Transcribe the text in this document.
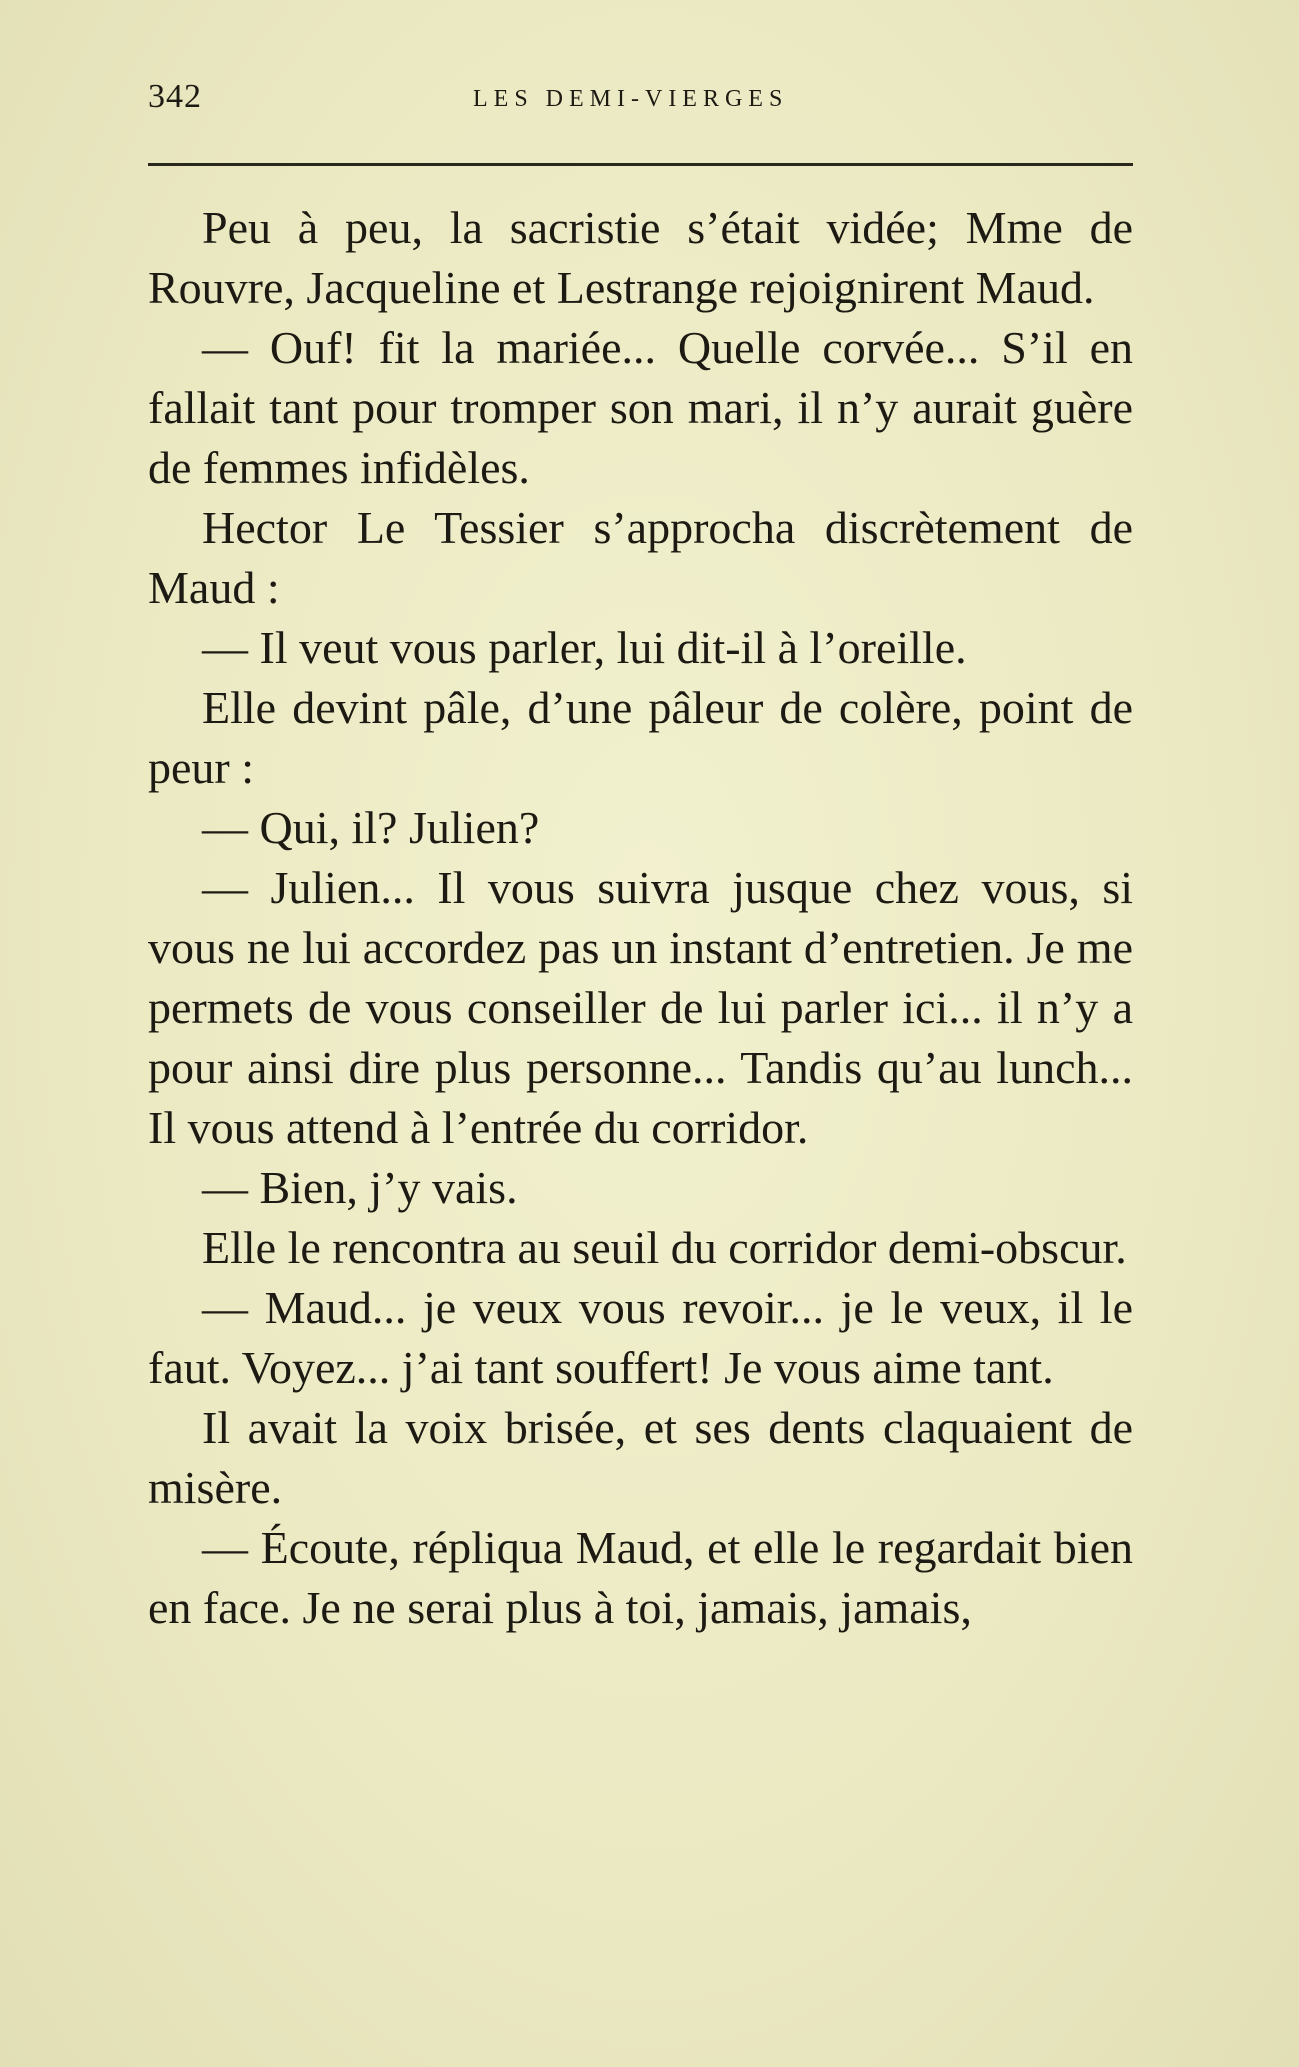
342	LES DEMI-VIERGES

Peu à peu, la sacristie s’était vidée; Mme de Rouvre, Jacqueline et Lestrange rejoignirent Maud.

— Ouf! fit la mariée... Quelle corvée... S’il en fallait tant pour tromper son mari, il n’y aurait guère de femmes infidèles.

Hector Le Tessier s’approcha discrètement de Maud :

— Il veut vous parler, lui dit-il à l’oreille.

Elle devint pâle, d’une pâleur de colère, point de peur :

— Qui, il? Julien?

— Julien... Il vous suivra jusque chez vous, si vous ne lui accordez pas un instant d’entretien. Je me permets de vous conseiller de lui parler ici... il n’y a pour ainsi dire plus personne... Tandis qu’au lunch... Il vous attend à l’entrée du corridor.

— Bien, j’y vais.

Elle le rencontra au seuil du corridor demi-obscur.

— Maud... je veux vous revoir... je le veux, il le faut. Voyez... j’ai tant souffert! Je vous aime tant.

Il avait la voix brisée, et ses dents claquaient de misère.

— Écoute, répliqua Maud, et elle le regardait bien en face. Je ne serai plus à toi, jamais, jamais,
